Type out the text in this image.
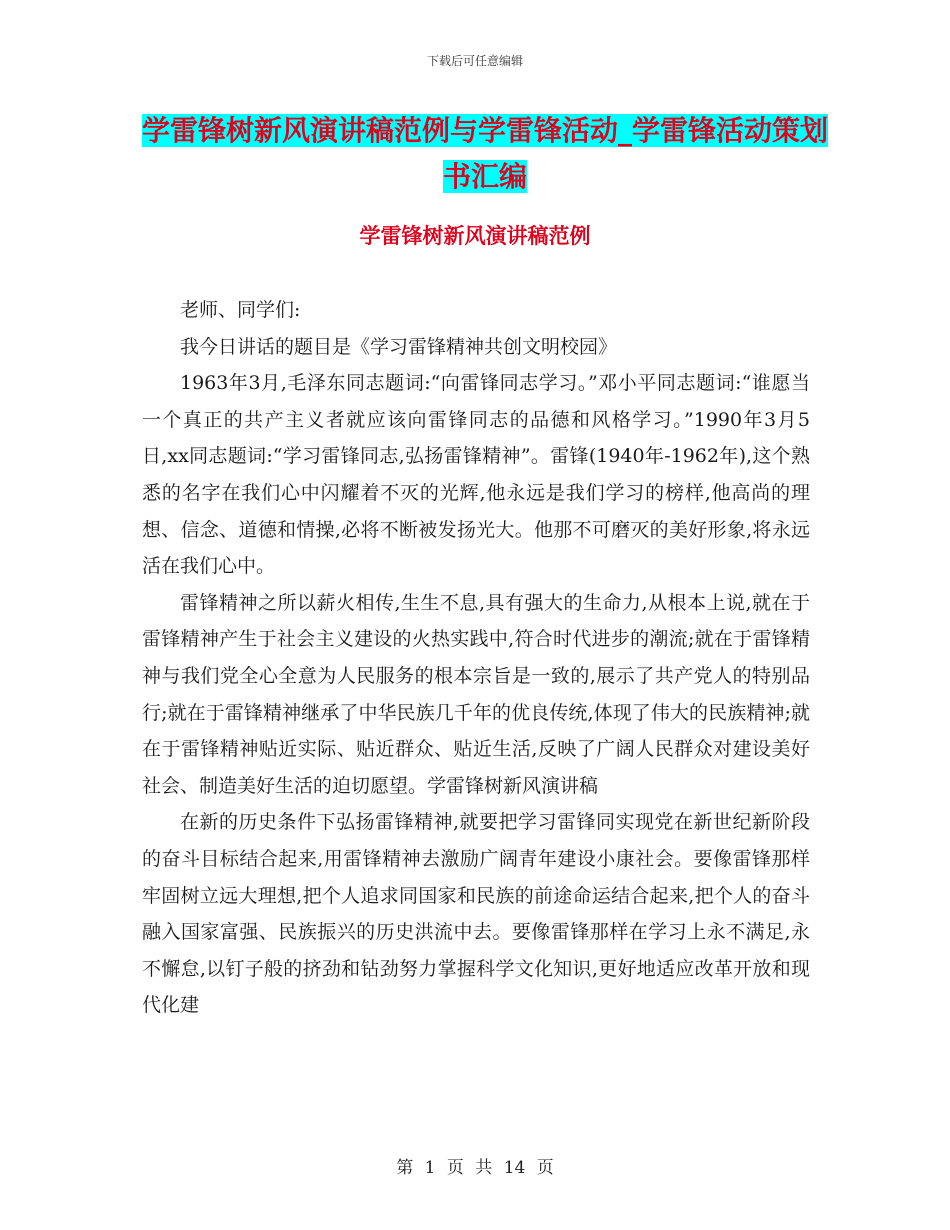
下载后可任意编辑
学雷锋树新风演讲稿范例与学雷锋活动_学雷锋活动策划书汇编
学雷锋树新风演讲稿范例

老师、同学们:

我今日讲话的题目是《学习雷锋精神共创文明校园》

1963年3月,毛泽东同志题词:“向雷锋同志学习。”邓小平同志题词:“谁愿当一个真正的共产主义者就应该向雷锋同志的品德和风格学习。”1990年3月5日,xx同志题词:“学习雷锋同志,弘扬雷锋精神”。雷锋(1940年-1962年),这个熟悉的名字在我们心中闪耀着不灭的光辉,他永远是我们学习的榜样,他高尚的理想、信念、道德和情操,必将不断被发扬光大。他那不可磨灭的美好形象,将永远活在我们心中。

雷锋精神之所以薪火相传,生生不息,具有强大的生命力,从根本上说,就在于雷锋精神产生于社会主义建设的火热实践中,符合时代进步的潮流;就在于雷锋精神与我们党全心全意为人民服务的根本宗旨是一致的,展示了共产党人的特别品行;就在于雷锋精神继承了中华民族几千年的优良传统,体现了伟大的民族精神;就在于雷锋精神贴近实际、贴近群众、贴近生活,反映了广阔人民群众对建设美好社会、制造美好生活的迫切愿望。学雷锋树新风演讲稿

在新的历史条件下弘扬雷锋精神,就要把学习雷锋同实现党在新世纪新阶段的奋斗目标结合起来,用雷锋精神去激励广阔青年建设小康社会。要像雷锋那样牢固树立远大理想,把个人追求同国家和民族的前途命运结合起来,把个人的奋斗融入国家富强、民族振兴的历史洪流中去。要像雷锋那样在学习上永不满足,永不懈怠,以钉子般的挤劲和钻劲努力掌握科学文化知识,更好地适应改革开放和现代化建

第 1 页 共 14 页
